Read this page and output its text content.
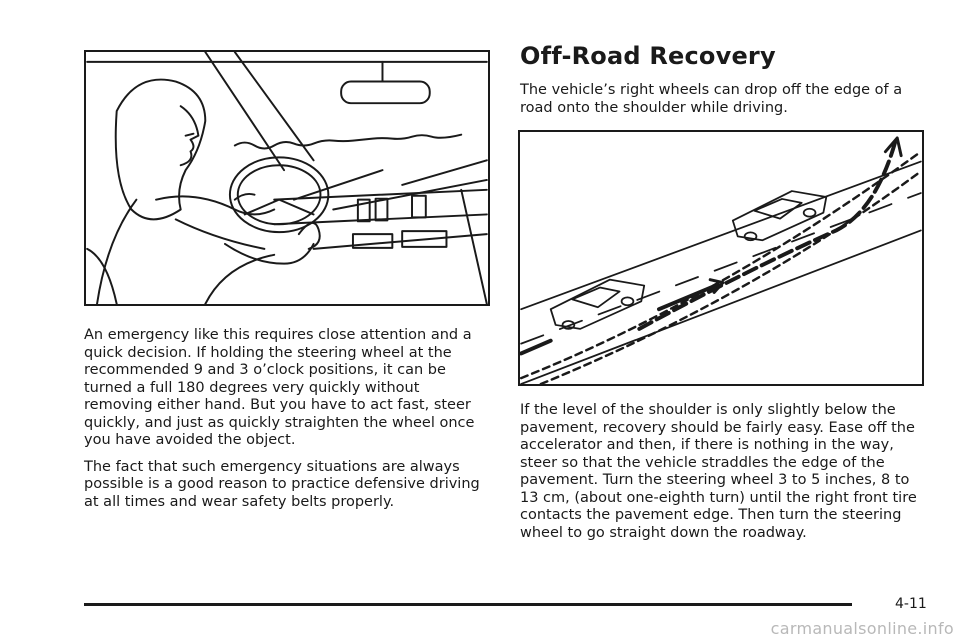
An emergency like this requires close attention and a quick decision. If holding the steering wheel at the recommended 9 and 3 o’clock positions, it can be turned a full 180 degrees very quickly without removing either hand. But you have to act fast, steer quickly, and just as quickly straighten the wheel once you have avoided the object.

The fact that such emergency situations are always possible is a good reason to practice defensive driving at all times and wear safety belts properly.

Off-Road Recovery

The vehicle’s right wheels can drop off the edge of a road onto the shoulder while driving.

If the level of the shoulder is only slightly below the pavement, recovery should be fairly easy. Ease off the accelerator and then, if there is nothing in the way, steer so that the vehicle straddles the edge of the pavement. Turn the steering wheel 3 to 5 inches, 8 to 13 cm, (about one-eighth turn) until the right front tire contacts the pavement edge. Then turn the steering wheel to go straight down the roadway.

4-11
carmanualsonline.info
